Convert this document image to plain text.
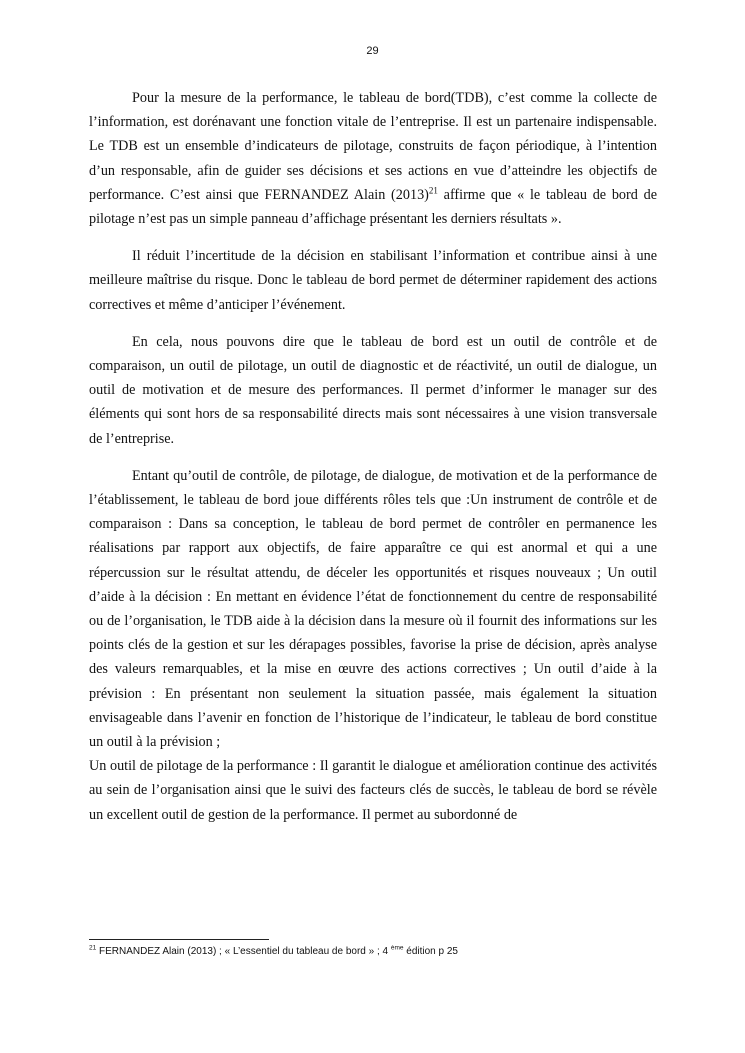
29

Pour la mesure de la performance, le tableau de bord(TDB), c’est comme la collecte de l’information, est dorénavant une fonction vitale de l’entreprise. Il est un partenaire indispensable. Le TDB est un ensemble d’indicateurs de pilotage, construits de façon périodique, à l’intention d’un responsable, afin de guider ses décisions et ses actions en vue d’atteindre les objectifs de performance. C’est ainsi que FERNANDEZ Alain $(2013)^{21}$ affirme que « le tableau de bord de pilotage n’est pas un simple panneau d’affichage présentant les derniers résultats ».

Il réduit l’incertitude de la décision en stabilisant l’information et contribue ainsi à une meilleure maîtrise du risque. Donc le tableau de bord permet de déterminer rapidement des actions correctives et même d’anticiper l’événement.

En cela, nous pouvons dire que le tableau de bord est un outil de contrôle et de comparaison, un outil de pilotage, un outil de diagnostic et de réactivité, un outil de dialogue, un outil de motivation et de mesure des performances. Il permet d’informer le manager sur des éléments qui sont hors de sa responsabilité directs mais sont nécessaires à une vision transversale de l’entreprise.

Entant qu’outil de contrôle, de pilotage, de dialogue, de motivation et de la performance de l’établissement, le tableau de bord joue différents rôles tels que :Un instrument de contrôle et de comparaison : Dans sa conception, le tableau de bord permet de contrôler en permanence les réalisations par rapport aux objectifs, de faire apparaître ce qui est anormal et qui a une répercussion sur le résultat attendu, de déceler les opportunités et risques nouveaux ; Un outil d’aide à la décision : En mettant en évidence l’état de fonctionnement du centre de responsabilité ou de l’organisation, le TDB aide à la décision dans la mesure où il fournit des informations sur les points clés de la gestion et sur les dérapages possibles, favorise la prise de décision, après analyse des valeurs remarquables, et la mise en œuvre des actions correctives ; Un outil d’aide à la prévision : En présentant non seulement la situation passée, mais également la situation envisageable dans l’avenir en fonction de l’historique de l’indicateur, le tableau de bord constitue un outil à la prévision ;

Un outil de pilotage de la performance : Il garantit le dialogue et amélioration continue des activités au sein de l’organisation ainsi que le suivi des facteurs clés de succès, le tableau de bord se révèle un excellent outil de gestion de la performance. Il permet au subordonné de

$^{21}$ FERNANDEZ Alain (2013) ; « L’essentiel du tableau de bord » ; 4 $^{ème}$ édition p 25
